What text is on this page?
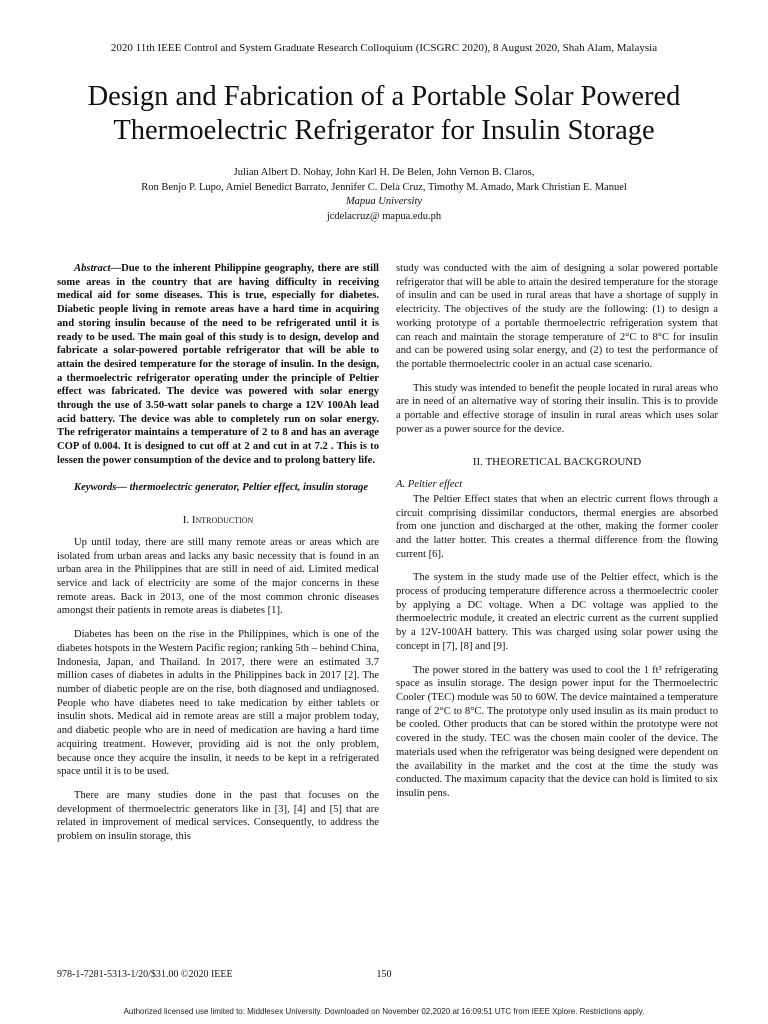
2020 11th IEEE Control and System Graduate Research Colloquium (ICSGRC 2020), 8 August 2020, Shah Alam, Malaysia
Design and Fabrication of a Portable Solar Powered
Thermoelectric Refrigerator for Insulin Storage
Julian Albert D. Nohay, John Karl H. De Belen, John Vernon B. Claros,
Ron Benjo P. Lupo, Amiel Benedict Barrato, Jennifer C. Dela Cruz, Timothy M. Amado, Mark Christian E. Manuel
Mapua University
jcdelacruz@ mapua.edu.ph

Abstract—Due to the inherent Philippine geography, there are still some areas in the country that are having difficulty in receiving medical aid for some diseases. This is true, especially for diabetes. Diabetic people living in remote areas have a hard time in acquiring and storing insulin because of the need to be refrigerated until it is ready to be used. The main goal of this study is to design, develop and fabricate a solar-powered portable refrigerator that will be able to attain the desired temperature for the storage of insulin. In the design, a thermoelectric refrigerator operating under the principle of Peltier effect was fabricated. The device was powered with solar energy through the use of 3.50-watt solar panels to charge a 12V 100Ah lead acid battery. The device was able to completely run on solar energy. The refrigerator maintains a temperature of 2 to 8 and has an average COP of 0.004. It is designed to cut off at 2 and cut in at 7.2 . This is to lessen the power consumption of the device and to prolong battery life.

Keywords— thermoelectric generator, Peltier effect, insulin storage

I. Introduction

Up until today, there are still many remote areas or areas which are isolated from urban areas and lacks any basic necessity that is found in an urban area in the Philippines that are still in need of aid. Limited medical service and lack of electricity are some of the major concerns in these remote areas. Back in 2013, one of the most common chronic diseases amongst their patients in remote areas is diabetes [1].

Diabetes has been on the rise in the Philippines, which is one of the diabetes hotspots in the Western Pacific region; ranking 5th – behind China, Indonesia, Japan, and Thailand. In 2017, there were an estimated 3.7 million cases of diabetes in adults in the Philippines back in 2017 [2]. The number of diabetic people are on the rise, both diagnosed and undiagnosed. People who have diabetes need to take medication by either tablets or insulin shots. Medical aid in remote areas are still a major problem today, and diabetic people who are in need of medication are having a hard time acquiring treatment. However, providing aid is not the only problem, because once they acquire the insulin, it needs to be kept in a refrigerated space until it is to be used.

There are many studies done in the past that focuses on the development of thermoelectric generators like in [3], [4] and [5] that are related in improvement of medical services. Consequently, to address the problem on insulin storage, this

study was conducted with the aim of designing a solar powered portable refrigerator that will be able to attain the desired temperature for the storage of insulin and can be used in rural areas that have a shortage of supply in electricity. The objectives of the study are the following: (1) to design a working prototype of a portable thermoelectric refrigeration system that can reach and maintain the storage temperature of 2°C to 8°C for insulin and can be powered using solar energy, and (2) to test the performance of the portable thermoelectric cooler in an actual case scenario.

This study was intended to benefit the people located in rural areas who are in need of an alternative way of storing their insulin. This is to provide a portable and effective storage of insulin in rural areas which uses solar power as a power source for the device.

II. THEORETICAL BACKGROUND

A. Peltier effect

The Peltier Effect states that when an electric current flows through a circuit comprising dissimilar conductors, thermal energies are absorbed from one junction and discharged at the other, making the former cooler and the latter hotter. This creates a thermal difference from the flowing current [6].

The system in the study made use of the Peltier effect, which is the process of producing temperature difference across a thermoelectric cooler by applying a DC voltage. When a DC voltage was applied to the thermoelectric module, it created an electric current as the current supplied by a 12V-100AH battery. This was charged using solar power using the concept in [7], [8] and [9].

The power stored in the battery was used to cool the 1 ft³ refrigerating space as insulin storage. The design power input for the Thermoelectric Cooler (TEC) module was 50 to 60W. The device maintained a temperature range of 2°C to 8°C. The prototype only used insulin as its main product to be cooled. Other products that can be stored within the prototype were not covered in the study. TEC was the chosen main cooler of the device. The materials used when the refrigerator was being designed were dependent on the availability in the market and the cost at the time the study was conducted. The maximum capacity that the device can hold is limited to six insulin pens.

978-1-7281-5313-1/20/$31.00 ©2020 IEEE	150
Authorized licensed use limited to: Middlesex University. Downloaded on November 02,2020 at 16:09:51 UTC from IEEE Xplore. Restrictions apply.
